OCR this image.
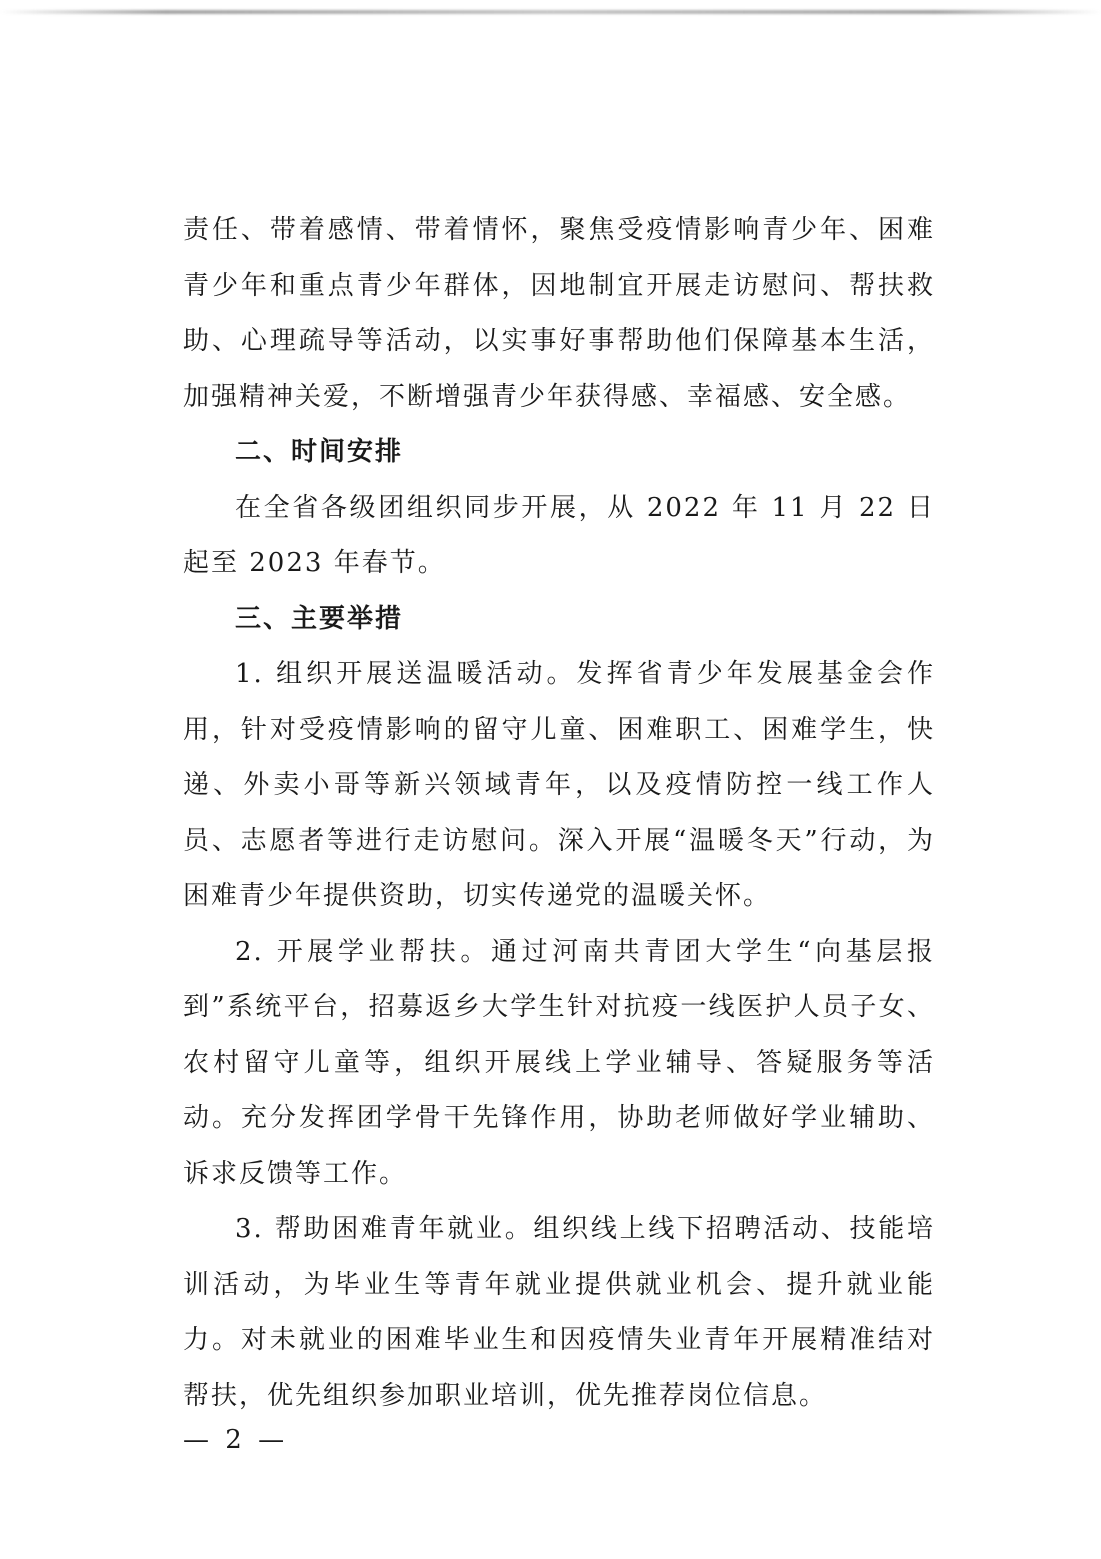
责任、带着感情、带着情怀，聚焦受疫情影响青少年、困难青少年和重点青少年群体，因地制宜开展走访慰问、帮扶救助、心理疏导等活动，以实事好事帮助他们保障基本生活，加强精神关爱，不断增强青少年获得感、幸福感、安全感。

二、时间安排

在全省各级团组织同步开展，从 2022 年 11 月 22 日起至 2023 年春节。

三、主要举措

1. 组织开展送温暖活动。发挥省青少年发展基金会作用，针对受疫情影响的留守儿童、困难职工、困难学生，快递、外卖小哥等新兴领域青年，以及疫情防控一线工作人员、志愿者等进行走访慰问。深入开展“温暖冬天”行动，为困难青少年提供资助，切实传递党的温暖关怀。

2. 开展学业帮扶。通过河南共青团大学生“向基层报到”系统平台，招募返乡大学生针对抗疫一线医护人员子女、农村留守儿童等，组织开展线上学业辅导、答疑服务等活动。充分发挥团学骨干先锋作用，协助老师做好学业辅助、诉求反馈等工作。

3. 帮助困难青年就业。组织线上线下招聘活动、技能培训活动，为毕业生等青年就业提供就业机会、提升就业能力。对未就业的困难毕业生和因疫情失业青年开展精准结对帮扶，优先组织参加职业培训，优先推荐岗位信息。

— 2 —
